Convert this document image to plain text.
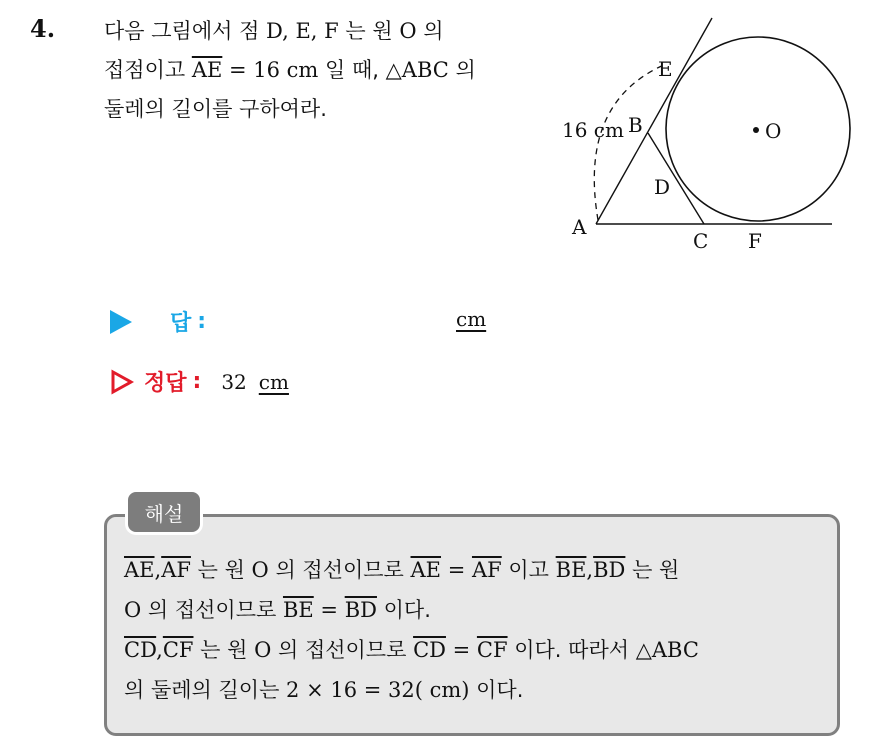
4. 다음 그림에서 점 D, E, F 는 원 O 의
접점이고 $\overline{AE} = 16$ cm 일 때, △ABC 의
둘레의 길이를 구하여라.
E
B	O
D
A
C F
16 cm
답 :	cm
정답 : 32 cm
해설
$\overline{AE},\overline{AF}$ 는 원 O 의 접선이므로 $\overline{AE} = \overline{AF}$ 이고 $\overline{BE},\overline{BD}$ 는 원
O 의 접선이므로 $\overline{BE} = \overline{BD}$ 이다.
$\overline{CD},\overline{CF}$ 는 원 O 의 접선이므로 $\overline{CD} = \overline{CF}$ 이다. 따라서 △ABC
의 둘레의 길이는 2 × 16 = 32( cm) 이다.
